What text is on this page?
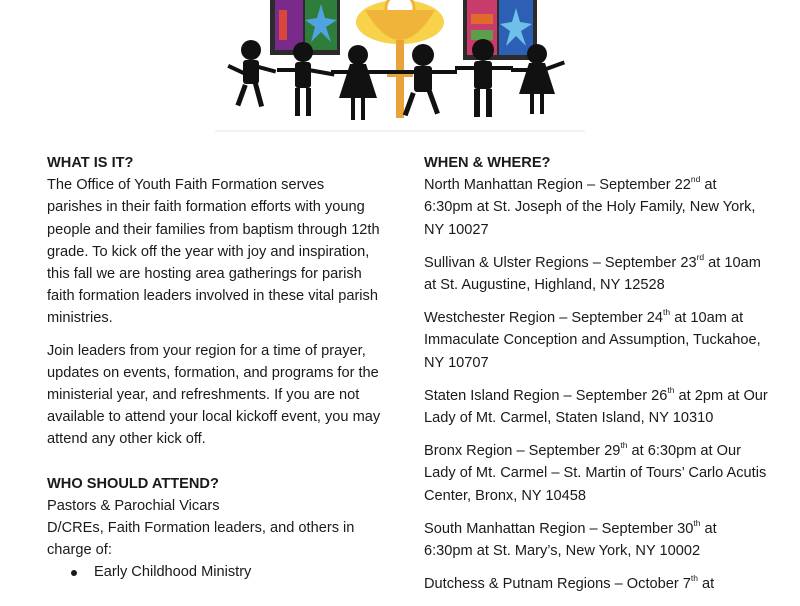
WHAT IS IT?

The Office of Youth Faith Formation serves parishes in their faith formation efforts with young people and their families from baptism through 12th grade. To kick off the year with joy and inspiration, this fall we are hosting area gatherings for parish faith formation leaders involved in these vital parish ministries.

Join leaders from your region for a time of prayer, updates on events, formation, and programs for the ministerial year, and refreshments. If you are not available to attend your local kickoff event, you may attend any other kick off.

WHO SHOULD ATTEND?

Pastors & Parochial Vicars

D/CREs, Faith Formation leaders, and others in charge of:

Early Childhood Ministry

WHEN & WHERE?

North Manhattan Region – September 22nd at 6:30pm at St. Joseph of the Holy Family, New York, NY 10027

Sullivan & Ulster Regions – September 23rd at 10am at St. Augustine, Highland, NY 12528

Westchester Region – September 24th at 10am at Immaculate Conception and Assumption, Tuckahoe, NY 10707

Staten Island Region – September 26th at 2pm at Our Lady of Mt. Carmel, Staten Island, NY 10310

Bronx Region – September 29th at 6:30pm at Our Lady of Mt. Carmel – St. Martin of Tours’ Carlo Acutis Center, Bronx, NY 10458

South Manhattan Region – September 30th at 6:30pm at St. Mary’s, New York, NY 10002

Dutchess & Putnam Regions – October 7th at
